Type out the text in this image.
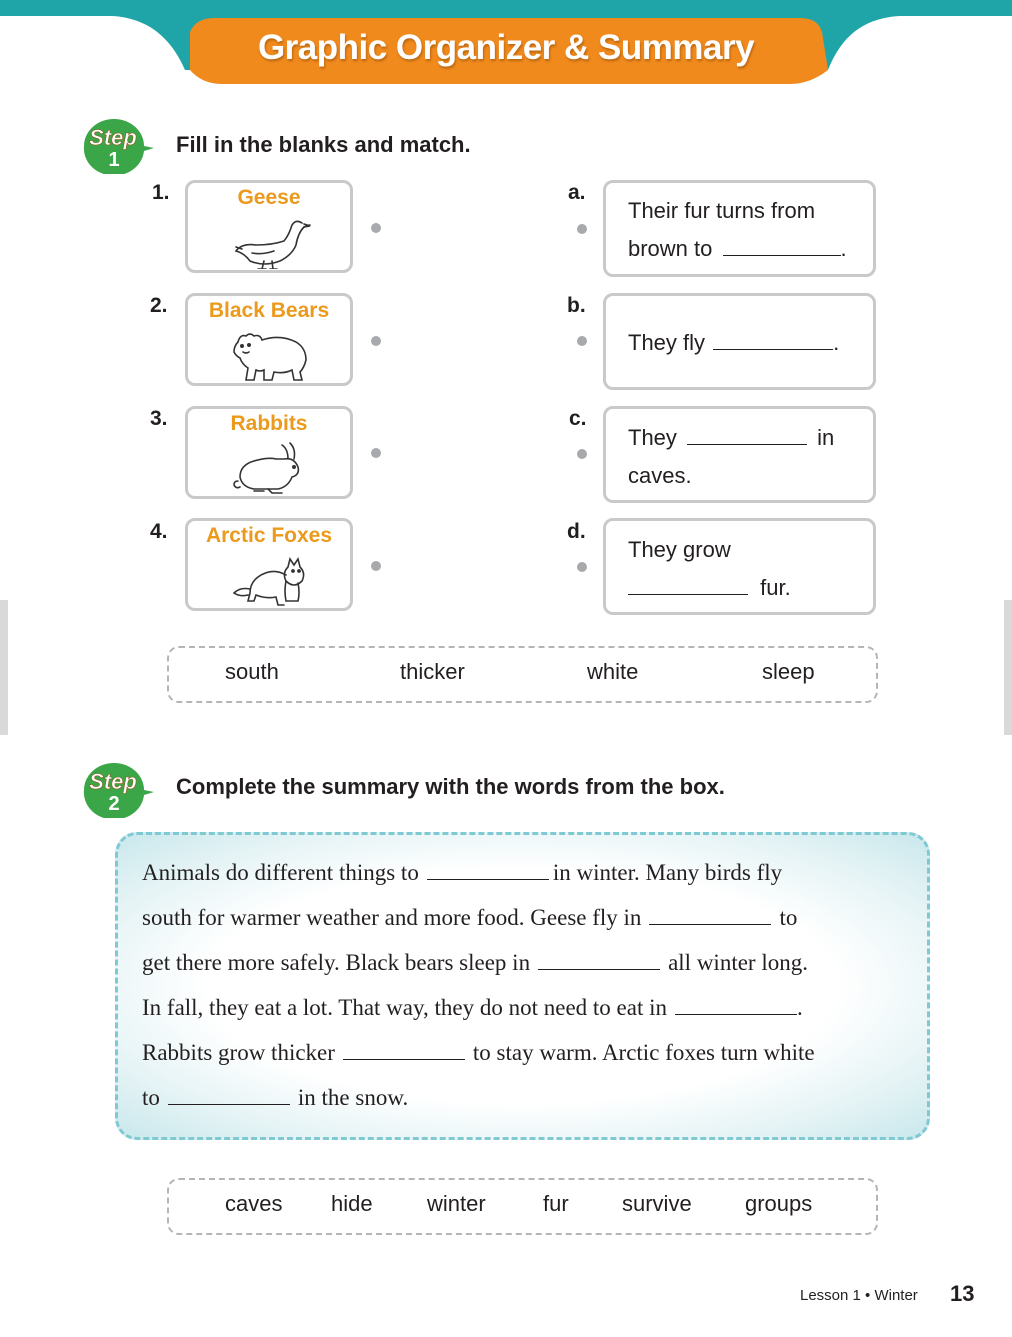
Graphic Organizer & Summary
Step
1
Fill in the blanks and match.
1.	Geese
2.	Black Bears
3.	Rabbits
4.	Arctic Foxes
a.
b.
c.
d.
Their fur turns from
brown to	.
They fly	.
They	in
caves.
They grow
fur.
south	thicker	white	sleep
Step
2
Complete the summary with the words from the box.
Animals do different things to	in winter. Many birds fly
south for warmer weather and more food. Geese fly in	to
get there more safely. Black bears sleep in	all winter long.
In fall, they eat a lot. That way, they do not need to eat in	.
Rabbits grow thicker	to stay warm. Arctic foxes turn white
to	in the snow.
caves hide winter	fur survive groups
Lesson 1 • Winter 13
